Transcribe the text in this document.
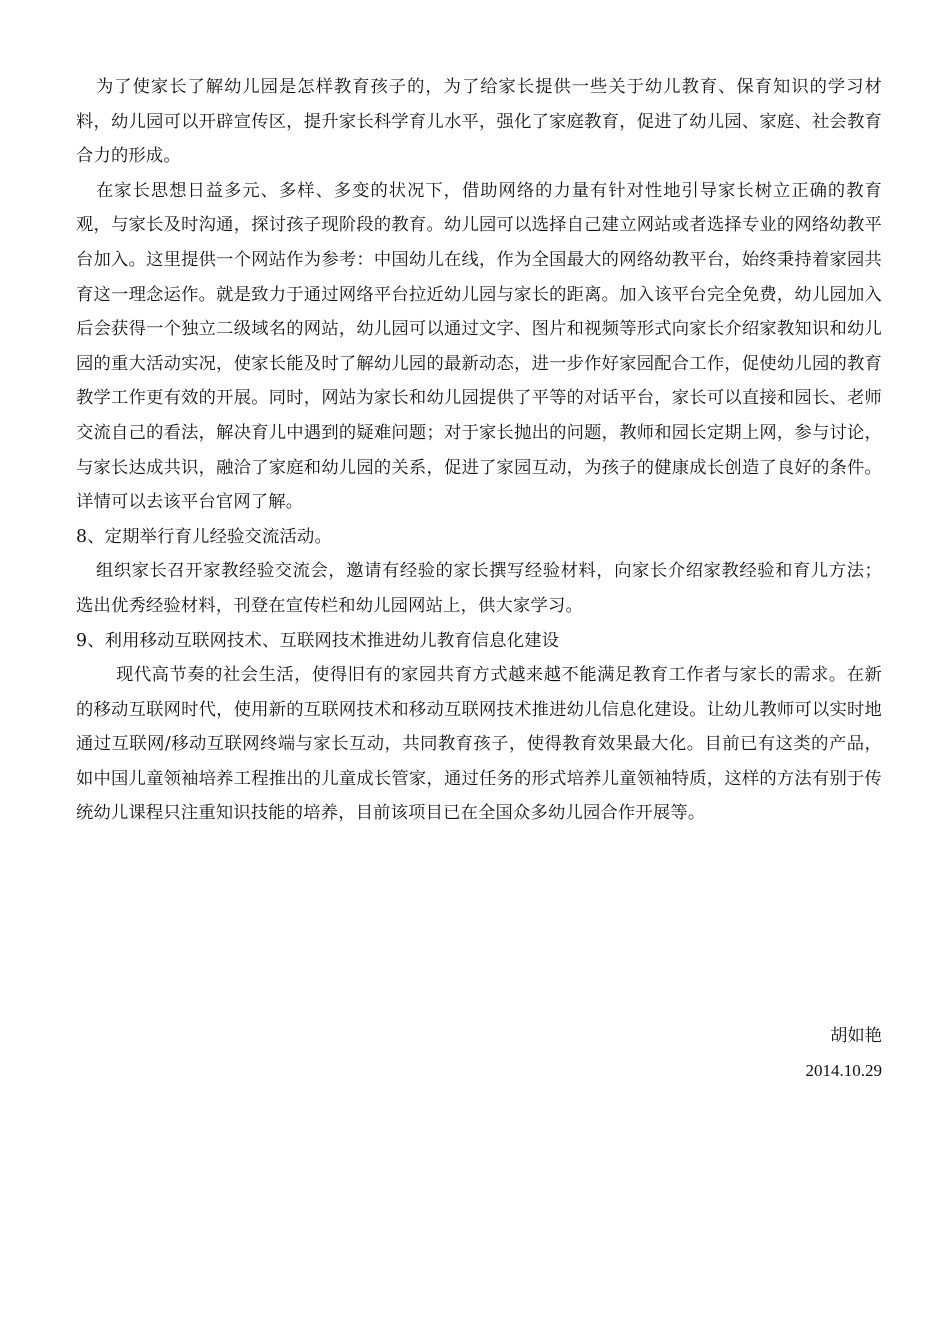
为了使家长了解幼儿园是怎样教育孩子的，为了给家长提供一些关于幼儿教育、保育知识的学习材料，幼儿园可以开辟宣传区，提升家长科学育儿水平，强化了家庭教育，促进了幼儿园、家庭、社会教育合力的形成。

在家长思想日益多元、多样、多变的状况下，借助网络的力量有针对性地引导家长树立正确的教育观，与家长及时沟通，探讨孩子现阶段的教育。幼儿园可以选择自己建立网站或者选择专业的网络幼教平台加入。这里提供一个网站作为参考：中国幼儿在线，作为全国最大的网络幼教平台，始终秉持着家园共育这一理念运作。就是致力于通过网络平台拉近幼儿园与家长的距离。加入该平台完全免费，幼儿园加入后会获得一个独立二级域名的网站，幼儿园可以通过文字、图片和视频等形式向家长介绍家教知识和幼儿园的重大活动实况，使家长能及时了解幼儿园的最新动态，进一步作好家园配合工作，促使幼儿园的教育教学工作更有效的开展。同时，网站为家长和幼儿园提供了平等的对话平台，家长可以直接和园长、老师交流自己的看法，解决育儿中遇到的疑难问题；对于家长抛出的问题，教师和园长定期上网，参与讨论，与家长达成共识，融洽了家庭和幼儿园的关系，促进了家园互动，为孩子的健康成长创造了良好的条件。详情可以去该平台官网了解。

8、定期举行育儿经验交流活动。

组织家长召开家教经验交流会，邀请有经验的家长撰写经验材料，向家长介绍家教经验和育儿方法；选出优秀经验材料，刊登在宣传栏和幼儿园网站上，供大家学习。

9、利用移动互联网技术、互联网技术推进幼儿教育信息化建设

现代高节奏的社会生活，使得旧有的家园共育方式越来越不能满足教育工作者与家长的需求。在新的移动互联网时代，使用新的互联网技术和移动互联网技术推进幼儿信息化建设。让幼儿教师可以实时地通过互联网/移动互联网终端与家长互动，共同教育孩子，使得教育效果最大化。目前已有这类的产品，如中国儿童领袖培养工程推出的儿童成长管家，通过任务的形式培养儿童领袖特质，这样的方法有别于传统幼儿课程只注重知识技能的培养，目前该项目已在全国众多幼儿园合作开展等。

胡如艳
2014.10.29
